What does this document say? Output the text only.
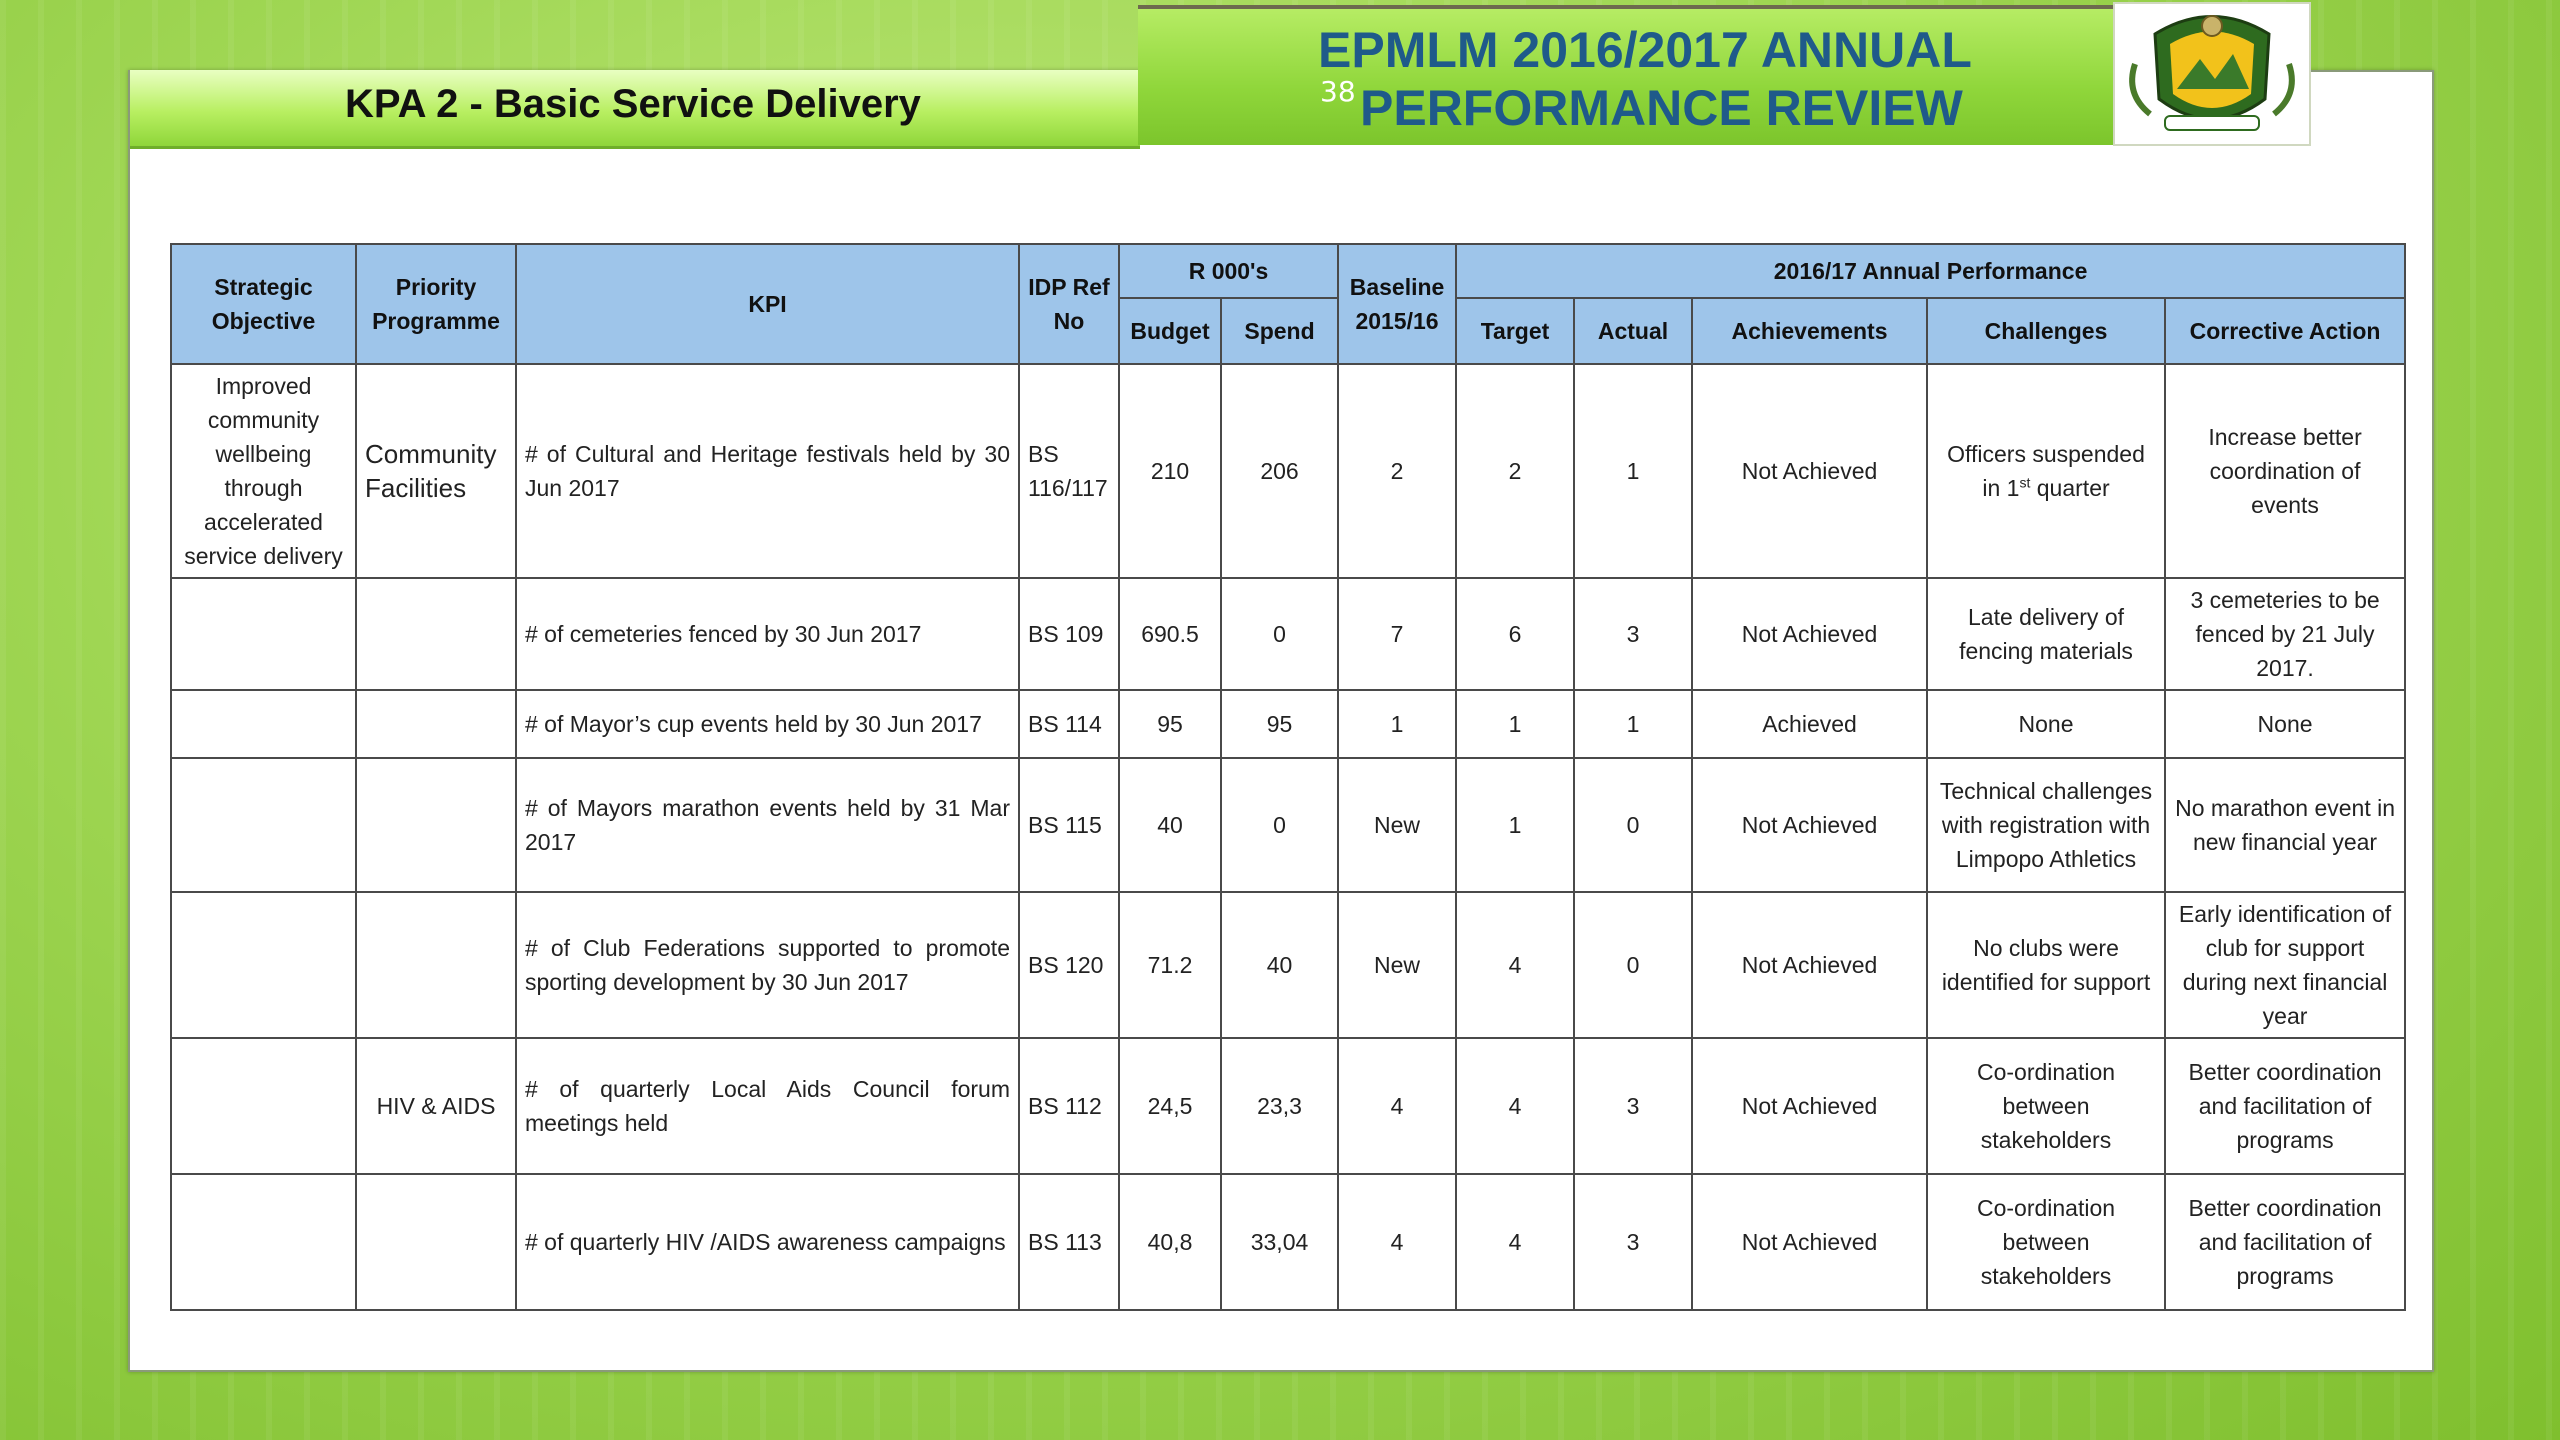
KPA 2 - Basic Service Delivery
EPMLM 2016/2017 ANNUAL
PERFORMANCE REVIEW
38
Strategic Objective	Priority Programme	KPI	IDP Ref No	R 000's		Baseline 2015/16	2016/17 Annual Performance				
				Budget	Spend		Target	Actual	Achievements	Challenges	Corrective Action
Improved community wellbeing through accelerated service delivery	Community Facilities	# of Cultural and Heritage festivals held by 30 Jun 2017	BS 116/117	210	206	2	2	1	Not Achieved	Officers suspended in 1st quarter	Increase better coordination of events
		# of cemeteries fenced by 30 Jun 2017	BS 109	690.5	0	7	6	3	Not Achieved	Late delivery of fencing materials	3 cemeteries to be fenced by 21 July 2017.
		# of Mayor’s cup events held by 30 Jun 2017	BS 114	95	95	1	1	1	Achieved	None	None
		# of Mayors marathon events held by 31 Mar 2017	BS 115	40	0	New	1	0	Not Achieved	Technical challenges with registration with Limpopo Athletics	No marathon event in new financial year
		# of Club Federations supported to promote sporting development by 30 Jun 2017	BS 120	71.2	40	New	4	0	Not Achieved	No clubs were identified for support	Early identification of club for support during next financial year
	HIV & AIDS	# of quarterly Local Aids Council forum meetings held	BS 112	24,5	23,3	4	4	3	Not Achieved	Co-ordination between stakeholders	Better coordination and facilitation of programs
		# of quarterly HIV /AIDS awareness campaigns	BS 113	40,8	33,04	4	4	3	Not Achieved	Co-ordination between stakeholders	Better coordination and facilitation of programs
